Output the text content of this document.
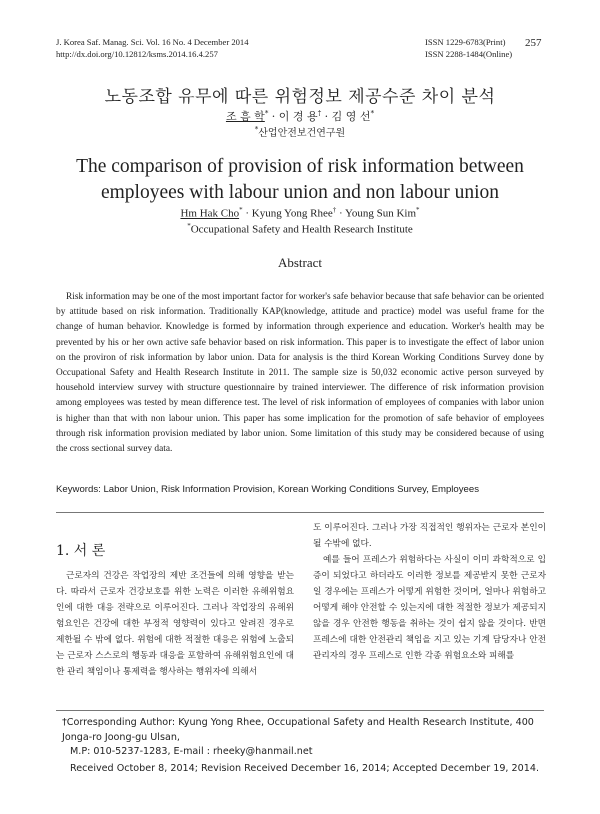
J. Korea Saf. Manag. Sci. Vol. 16 No. 4 December 2014
http://dx.doi.org/10.12812/ksms.2014.16.4.257
ISSN 1229-6783(Print)
ISSN 2288-1484(Online)
257
노동조합 유무에 따른 위험정보 제공수준 차이 분석
조 흠 학* · 이 경 용† · 김 영 선*
*산업안전보건연구원
The comparison of provision of risk information between
employees with labour union and non labour union
Hm Hak Cho* · Kyung Yong Rhee† · Young Sun Kim*
*Occupational Safety and Health Research Institute
Abstract
Risk information may be one of the most important factor for worker's safe behavior because that safe behavior can be oriented by attitude based on risk information. Traditionally KAP(knowledge, attitude and practice) model was useful frame for the change of human behavior. Knowledge is formed by information through experience and education. Worker's health may be prevented by his or her own active safe behavior based on risk information. This paper is to investigate the effect of labor union on the proviron of risk information by labor union. Data for analysis is the third Korean Working Conditions Survey done by Occupational Safety and Health Research Institute in 2011. The sample size is 50,032 economic active person surveyed by household interview survey with structure questionnaire by trained interviewer. The difference of risk information provision among employees was tested by mean difference test. The level of risk information of employees of companies with labor union is higher than that with non labour union. This paper has some implication for the promotion of safe behavior of employees through risk information provision mediated by labor union. Some limitation of this study may be considered because of using the cross sectional survey data.
Keywords: Labor Union, Risk Information Provision, Korean Working Conditions Survey, Employees
1. 서 론
근로자의 건강은 작업장의 제반 조건들에 의해 영향을 받는다. 따라서 근로자 건강보호를 위한 노력은 이러한 유해위험요인에 대한 대응 전략으로 이루어진다. 그러나 작업장의 유해위험요인은 건강에 대한 부정적 영향력이 있다고 알려진 경우로 제한될 수 밖에 없다. 위험에 대한 적절한 대응은 위험에 노출되는 근로자 스스로의 행동과 대응을 포함하여 유해위험요인에 대한 관리 책임이나 통제력을 행사하는 행위자에 의해서

도 이루어진다. 그러나 가장 직접적인 행위자는 근로자 본인이 될 수밖에 없다.

예를 들어 프레스가 위험하다는 사실이 이미 과학적으로 입증이 되었다고 하더라도 이러한 정보를 제공받지 못한 근로자일 경우에는 프레스가 어떻게 위험한 것이며, 얼마나 위험하고 어떻게 해야 안전할 수 있는지에 대한 적절한 정보가 제공되지 않을 경우 안전한 행동을 취하는 것이 쉽지 않을 것이다. 반면 프레스에 대한 안전관리 책임을 지고 있는 기계 담당자나 안전관리자의 경우 프레스로 인한 각종 위험요소와 피해를

†Corresponding Author: Kyung Yong Rhee, Occupational Safety and Health Research Institute, 400 Jonga-ro Joong-gu Ulsan,
M.P: 010-5237-1283, E-mail : rheeky@hanmail.net
Received October 8, 2014; Revision Received December 16, 2014; Accepted December 19, 2014.
